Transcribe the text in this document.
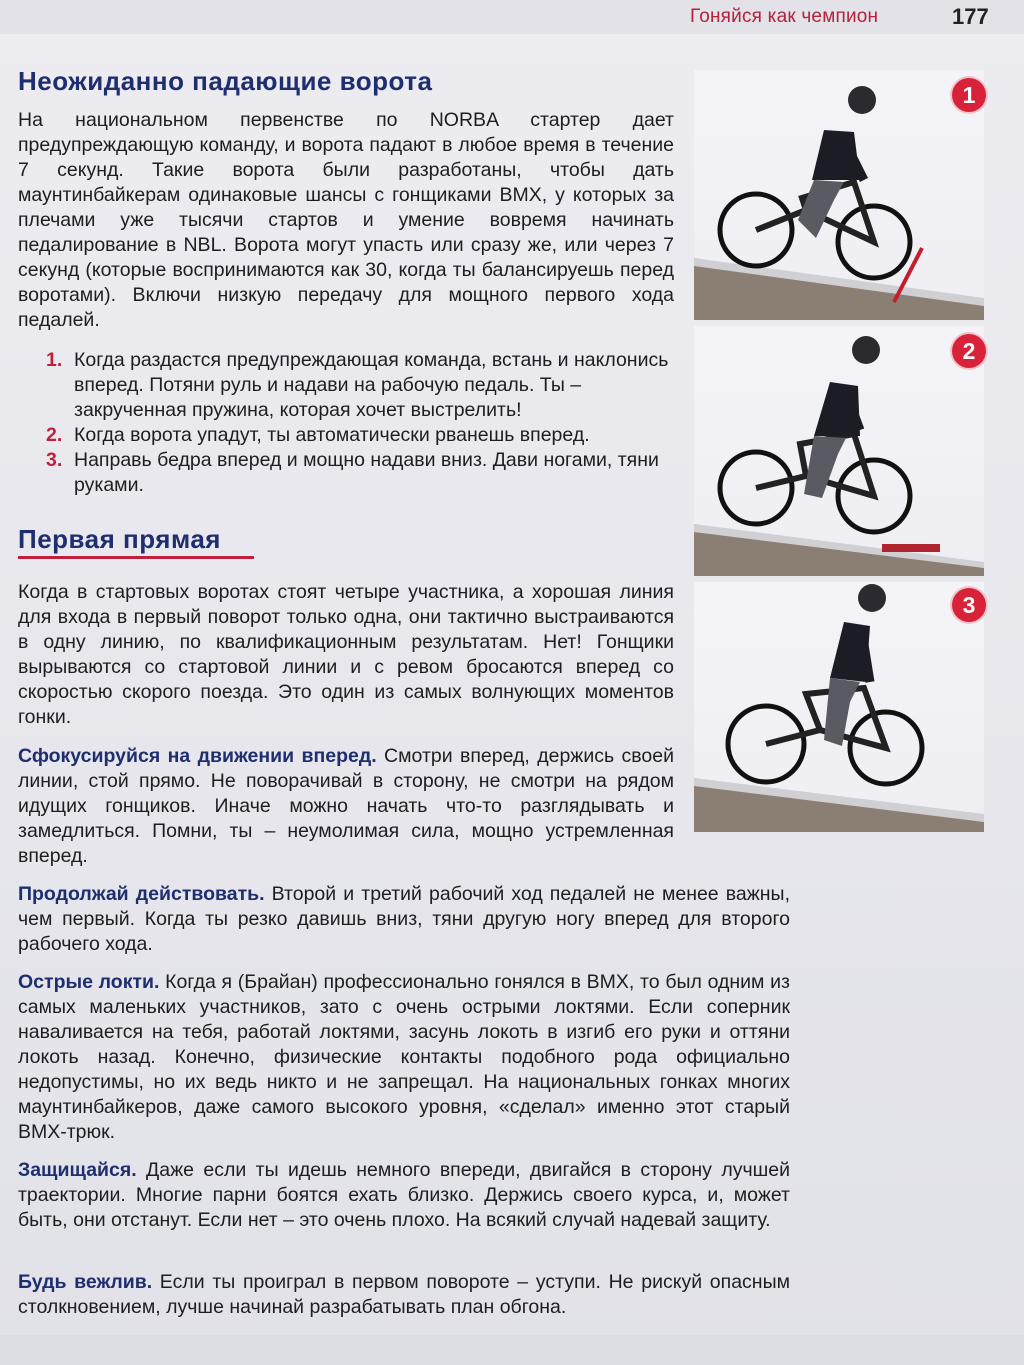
Гоняйся как чемпион	177
Неожиданно падающие ворота

На национальном первенстве по NORBA стартер дает предупреждающую команду, и ворота падают в любое время в течение 7 секунд. Такие ворота были разработаны, чтобы дать маунтинбайкерам одинаковые шансы с гонщиками BMX, у которых за плечами уже тысячи стартов и умение вовремя начинать педалирование в NBL. Ворота могут упасть или сразу же, или через 7 секунд (которые воспринимаются как 30, когда ты балансируешь перед воротами). Включи низкую передачу для мощного первого хода педалей.

1. Когда раздастся предупреждающая команда, встань и наклонись вперед. Потяни руль и надави на рабочую педаль. Ты – закрученная пружина, которая хочет выстрелить!
2. Когда ворота упадут, ты автоматически рванешь вперед.
3. Направь бедра вперед и мощно надави вниз. Дави ногами, тяни руками.
Первая прямая

Когда в стартовых воротах стоят четыре участника, а хорошая линия для входа в первый поворот только одна, они тактично выстраиваются в одну линию, по квалификационным результатам. Нет! Гонщики вырываются со стартовой линии и с ревом бросаются вперед со скоростью скорого поезда. Это один из самых волнующих моментов гонки.

Сфокусируйся на движении вперед. Смотри вперед, держись своей линии, стой прямо. Не поворачивай в сторону, не смотри на рядом идущих гонщиков. Иначе можно начать что-то разглядывать и замедлиться. Помни, ты – неумолимая сила, мощно устремленная вперед.

Продолжай действовать. Второй и третий рабочий ход педалей не менее важны, чем первый. Когда ты резко давишь вниз, тяни другую ногу вперед для второго рабочего хода.

Острые локти. Когда я (Брайан) профессионально гонялся в BMX, то был одним из самых маленьких участников, зато с очень острыми локтями. Если соперник наваливается на тебя, работай локтями, засунь локоть в изгиб его руки и оттяни локоть назад. Конечно, физические контакты подобного рода официально недопустимы, но их ведь никто и не запрещал. На национальных гонках многих маунтинбайкеров, даже самого высокого уровня, «сделал» именно этот старый BMX-трюк.

Защищайся. Даже если ты идешь немного впереди, двигайся в сторону лучшей траектории. Многие парни боятся ехать близко. Держись своего курса, и, может быть, они отстанут. Если нет – это очень плохо. На всякий случай надевай защиту.

Будь вежлив. Если ты проиграл в первом повороте – уступи. Не рискуй опасным столкновением, лучше начинай разрабатывать план обгона.

1
2
3
